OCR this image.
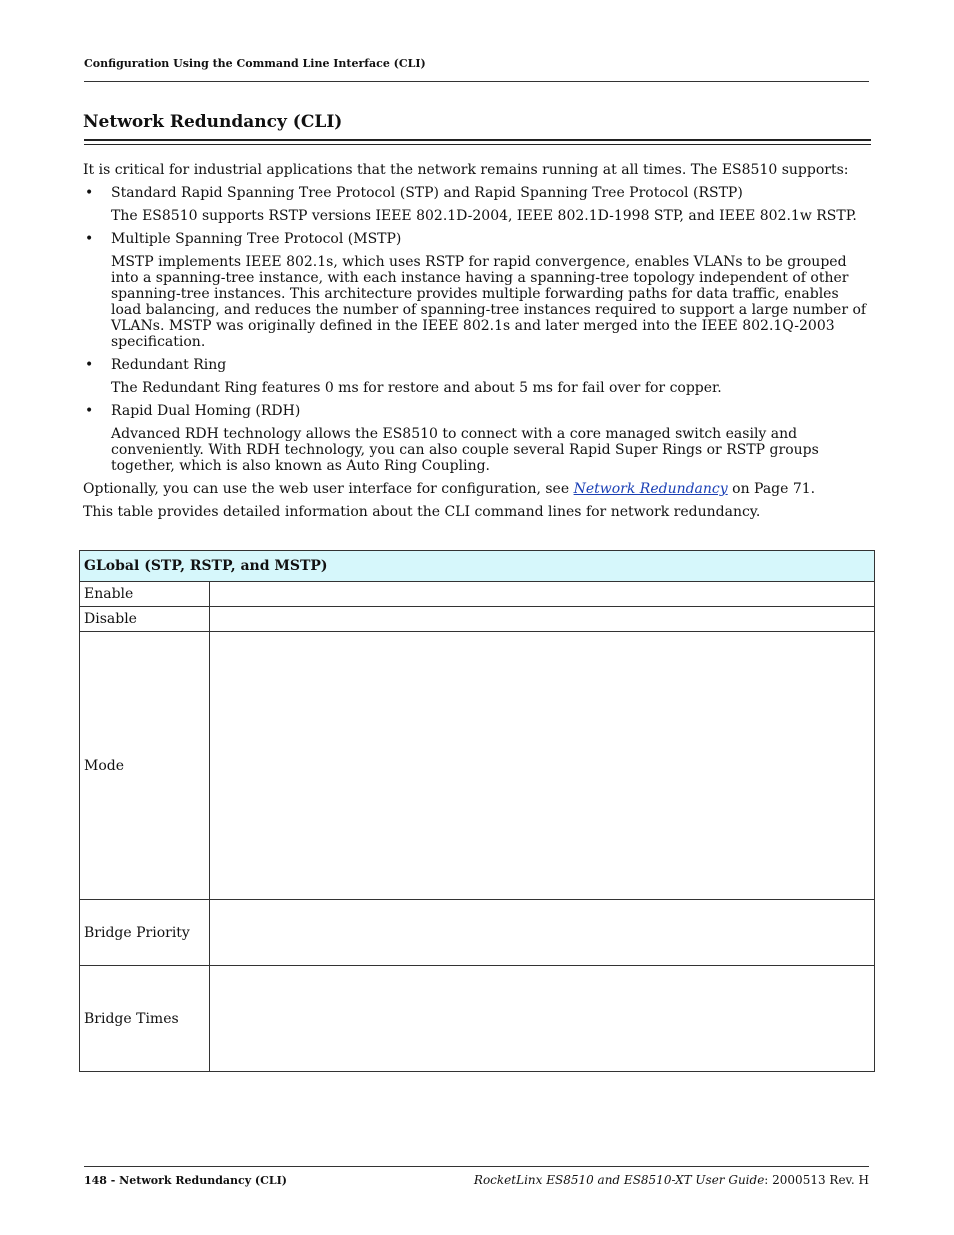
Configuration Using the Command Line Interface (CLI)
Network Redundancy (CLI)

It is critical for industrial applications that the network remains running at all times. The ES8510 supports:

• Standard Rapid Spanning Tree Protocol (STP) and Rapid Spanning Tree Protocol (RSTP)

The ES8510 supports RSTP versions IEEE 802.1D-2004, IEEE 802.1D-1998 STP, and IEEE 802.1w RSTP.

• Multiple Spanning Tree Protocol (MSTP)

MSTP implements IEEE 802.1s, which uses RSTP for rapid convergence, enables VLANs to be grouped into a spanning-tree instance, with each instance having a spanning-tree topology independent of other spanning-tree instances. This architecture provides multiple forwarding paths for data traffic, enables load balancing, and reduces the number of spanning-tree instances required to support a large number of VLANs. MSTP was originally defined in the IEEE 802.1s and later merged into the IEEE 802.1Q-2003 specification.

• Redundant Ring

The Redundant Ring features 0 ms for restore and about 5 ms for fail over for copper.

• Rapid Dual Homing (RDH)

Advanced RDH technology allows the ES8510 to connect with a core managed switch easily and conveniently. With RDH technology, you can also couple several Rapid Super Rings or RSTP groups together, which is also known as Auto Ring Coupling.

Optionally, you can use the web user interface for configuration, see Network Redundancy on Page 71.

This table provides detailed information about the CLI command lines for network redundancy.

GLobal (STP, RSTP, and MSTP)	
Enable	
Disable	
Mode	
Bridge Priority	
Bridge Times	
148 - Network Redundancy (CLI)	RocketLinx ES8510 and ES8510-XT User Guide: 2000513 Rev. H
